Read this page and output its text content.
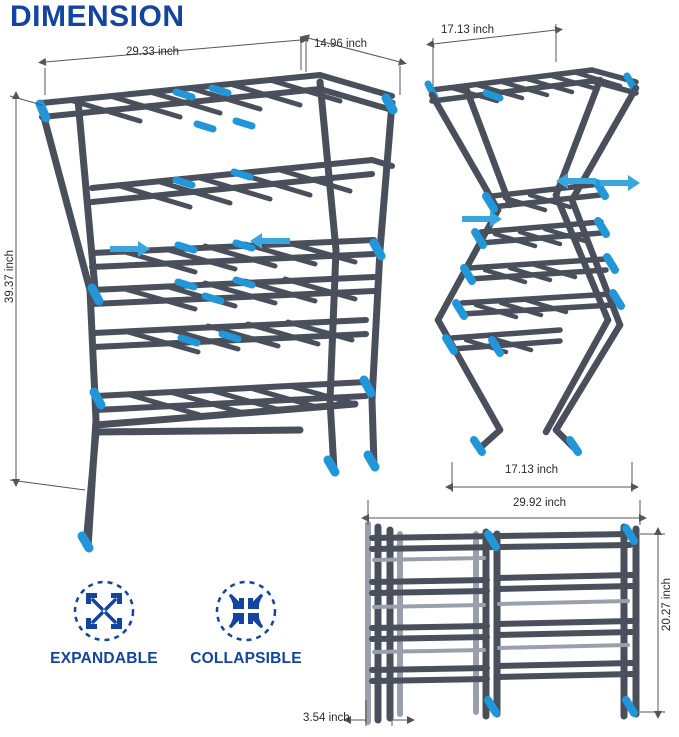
DIMENSION
29.33 inch
14.96 inch
39.37 inch
17.13 inch
17.13 inch
29.92 inch
20.27 inch
3.54 inch
EXPANDABLE	COLLAPSIBLE
